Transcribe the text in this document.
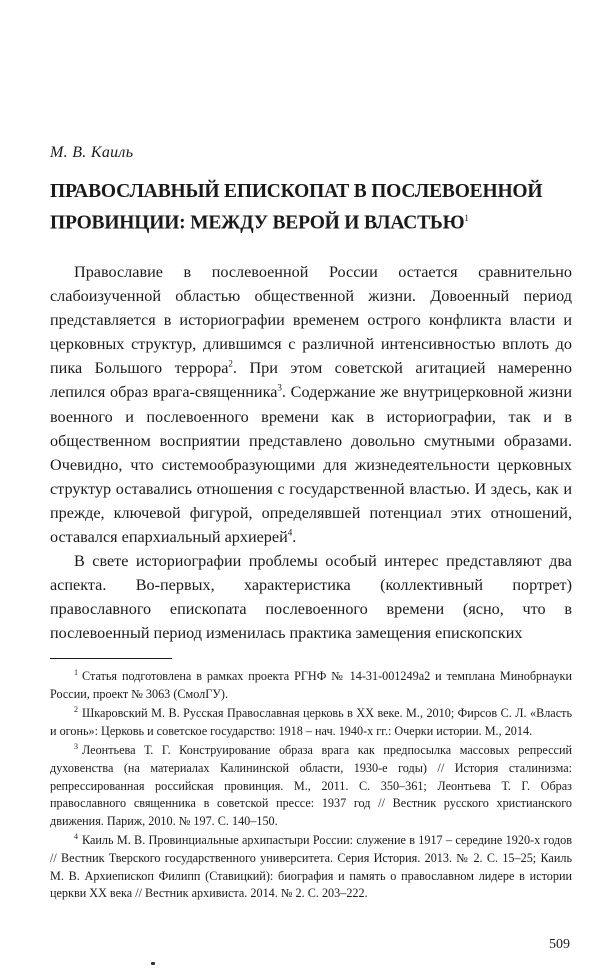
М. В. Каиль
ПРАВОСЛАВНЫЙ ЕПИСКОПАТ В ПОСЛЕВОЕННОЙ ПРОВИНЦИИ: МЕЖДУ ВЕРОЙ И ВЛАСТЬЮ$^1$

Православие в послевоенной России остается сравнительно слабоизученной областью общественной жизни. Довоенный период представляется в историографии временем острого конфликта власти и церковных структур, длившимся с различной интенсивностью вплоть до пика Большого террора$^2$. При этом советской агитацией намеренно лепился образ врага-священника$^3$. Содержание же внутрицерковной жизни военного и послевоенного времени как в историографии, так и в общественном восприятии представлено довольно смутными образами. Очевидно, что системообразующими для жизнедеятельности церковных структур оставались отношения с государственной властью. И здесь, как и прежде, ключевой фигурой, определявшей потенциал этих отношений, оставался епархиальный архиерей$^4$.

В свете историографии проблемы особый интерес представляют два аспекта. Во-первых, характеристика (коллективный портрет) православного епископата послевоенного времени (ясно, что в послевоенный период изменилась практика замещения епископских

$^1$ Статья подготовлена в рамках проекта РГНФ № 14-31-001249а2 и темплана Минобрнауки России, проект № 3063 (СмолГУ).

$^2$ Шкаровский М. В. Русская Православная церковь в XX веке. М., 2010; Фирсов С. Л. «Власть и огонь»: Церковь и советское государство: 1918 – нач. 1940-х гг.: Очерки истории. М., 2014.

$^3$ Леонтьева Т. Г. Конструирование образа врага как предпосылка массовых репрессий духовенства (на материалах Калининской области, 1930-е годы) // История сталинизма: репрессированная российская провинция. М., 2011. С. 350–361; Леонтьева Т. Г. Образ православного священника в советской прессе: 1937 год // Вестник русского христианского движения. Париж, 2010. № 197. С. 140–150.

$^4$ Каиль М. В. Провинциальные архипастыри России: служение в 1917 – середине 1920-х годов // Вестник Тверского государственного университета. Серия История. 2013. № 2. С. 15–25; Каиль М. В. Архиепископ Филипп (Ставицкий): биография и память о православном лидере в истории церкви XX века // Вестник архивиста. 2014. № 2. С. 203–222.

509
